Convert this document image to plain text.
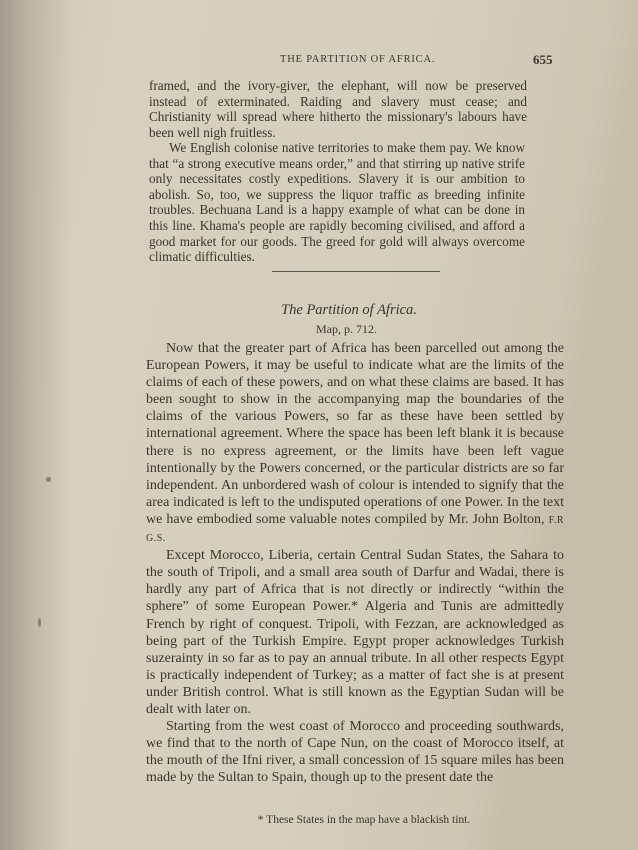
THE PARTITION OF AFRICA.	655

framed, and the ivory-giver, the elephant, will now be preserved instead of exterminated. Raiding and slavery must cease; and Christianity will spread where hitherto the missionary's labours have been well nigh fruitless.

We English colonise native territories to make them pay. We know that “a strong executive means order,” and that stirring up native strife only necessitates costly expeditions. Slavery it is our ambition to abolish. So, too, we suppress the liquor traffic as breeding infinite troubles. Bechuana Land is a happy example of what can be done in this line. Khama's people are rapidly becoming civilised, and afford a good market for our goods. The greed for gold will always overcome climatic difficulties.

The Partition of Africa.
Map, p. 712.

Now that the greater part of Africa has been parcelled out among the European Powers, it may be useful to indicate what are the limits of the claims of each of these powers, and on what these claims are based. It has been sought to show in the accompanying map the boundaries of the claims of the various Powers, so far as these have been settled by international agreement. Where the space has been left blank it is because there is no express agreement, or the limits have been left vague intentionally by the Powers concerned, or the particular districts are so far independent. An unbordered wash of colour is intended to signify that the area indicated is left to the undisputed operations of one Power. In the text we have embodied some valuable notes compiled by Mr. John Bolton, F.R G.S.

Except Morocco, Liberia, certain Central Sudan States, the Sahara to the south of Tripoli, and a small area south of Darfur and Wadai, there is hardly any part of Africa that is not directly or indirectly “within the sphere” of some European Power.* Algeria and Tunis are admittedly French by right of conquest. Tripoli, with Fezzan, are acknowledged as being part of the Turkish Empire. Egypt proper acknowledges Turkish suzerainty in so far as to pay an annual tribute. In all other respects Egypt is practically independent of Turkey; as a matter of fact she is at present under British control. What is still known as the Egyptian Sudan will be dealt with later on.

Starting from the west coast of Morocco and proceeding southwards, we find that to the north of Cape Nun, on the coast of Morocco itself, at the mouth of the Ifni river, a small concession of 15 square miles has been made by the Sultan to Spain, though up to the present date the

* These States in the map have a blackish tint.
